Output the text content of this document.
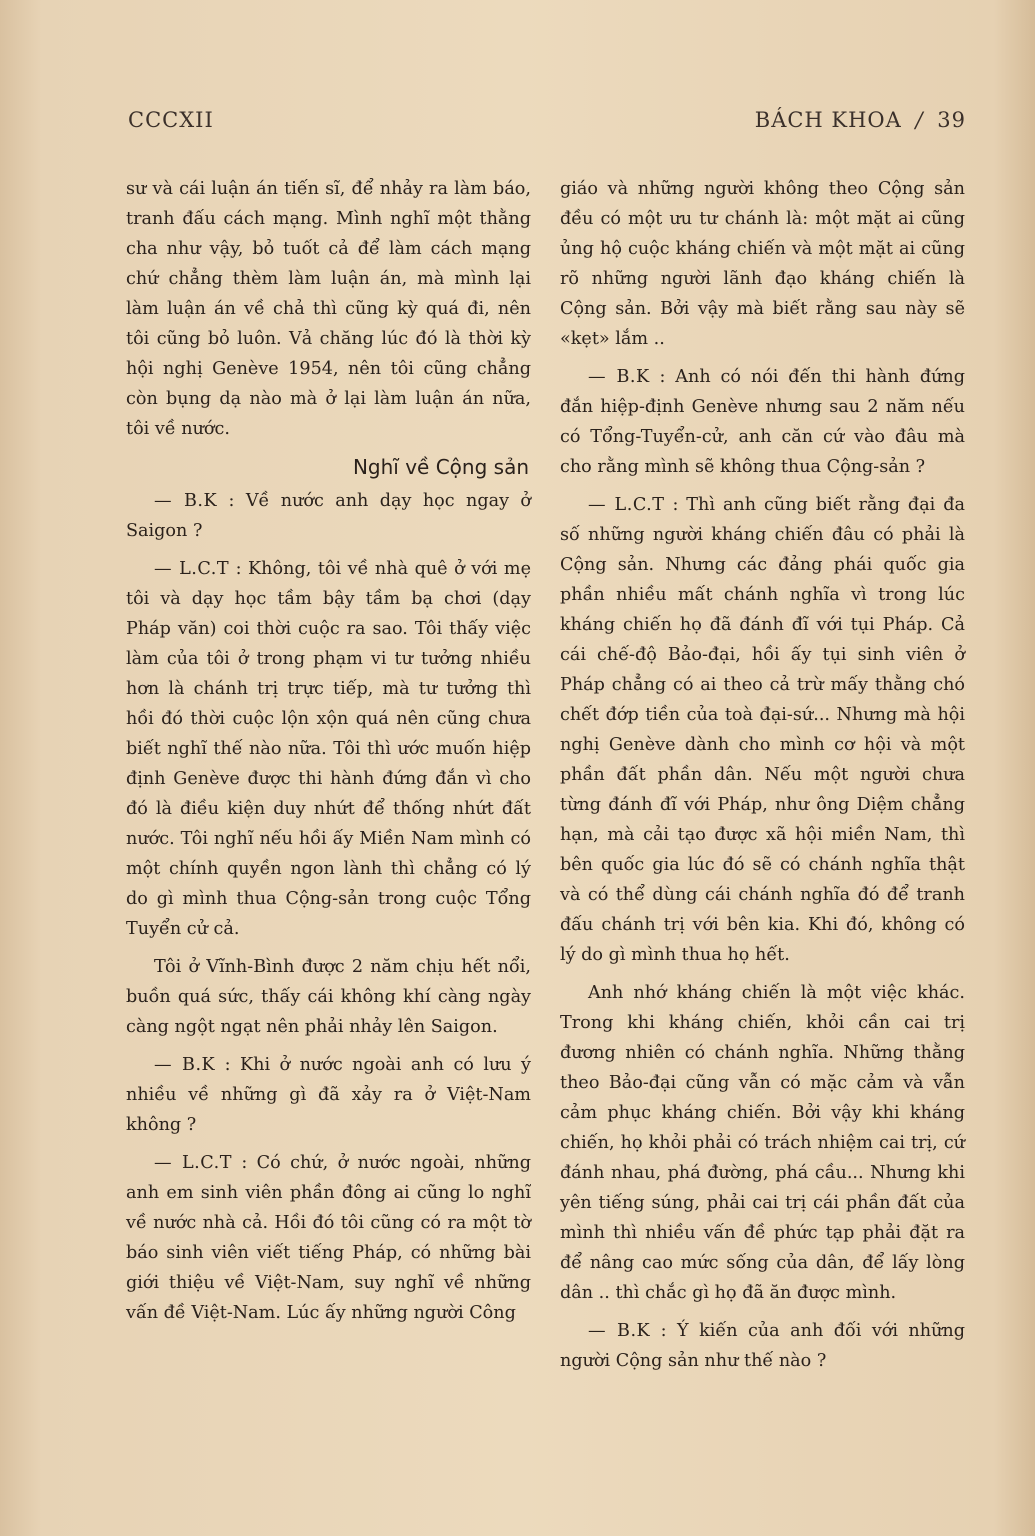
CCCXII	BÁCH KHOA / 39

sư và cái luận án tiến sĩ, để nhảy ra làm báo, tranh đấu cách mạng. Mình nghĩ một thằng cha như vậy, bỏ tuốt cả để làm cách mạng chứ chẳng thèm làm luận án, mà mình lại làm luận án về chả thì cũng kỳ quá đi, nên tôi cũng bỏ luôn. Vả chăng lúc đó là thời kỳ hội nghị Genève 1954, nên tôi cũng chẳng còn bụng dạ nào mà ở lại làm luận án nữa, tôi về nước.

Nghĩ về Cộng sản

— B.K : Về nước anh dạy học ngay ở Saigon ?

— L.C.T : Không, tôi về nhà quê ở với mẹ tôi và dạy học tầm bậy tầm bạ chơi (dạy Pháp văn) coi thời cuộc ra sao. Tôi thấy việc làm của tôi ở trong phạm vi tư tưởng nhiều hơn là chánh trị trực tiếp, mà tư tưởng thì hồi đó thời cuộc lộn xộn quá nên cũng chưa biết nghĩ thế nào nữa. Tôi thì ước muốn hiệp định Genève được thi hành đứng đắn vì cho đó là điều kiện duy nhứt để thống nhứt đất nước. Tôi nghĩ nếu hồi ấy Miền Nam mình có một chính quyền ngon lành thì chẳng có lý do gì mình thua Cộng-sản trong cuộc Tổng Tuyển cử cả.

Tôi ở Vĩnh-Bình được 2 năm chịu hết nổi, buồn quá sức, thấy cái không khí càng ngày càng ngột ngạt nên phải nhảy lên Saigon.

— B.K : Khi ở nước ngoài anh có lưu ý nhiều về những gì đã xảy ra ở Việt-Nam không ?

— L.C.T : Có chứ, ở nước ngoài, những anh em sinh viên phần đông ai cũng lo nghĩ về nước nhà cả. Hồi đó tôi cũng có ra một tờ báo sinh viên viết tiếng Pháp, có những bài giới thiệu về Việt-Nam, suy nghĩ về những vấn đề Việt-Nam. Lúc ấy những người Công

giáo và những người không theo Cộng sản đều có một ưu tư chánh là: một mặt ai cũng ủng hộ cuộc kháng chiến và một mặt ai cũng rõ những người lãnh đạo kháng chiến là Cộng sản. Bởi vậy mà biết rằng sau này sẽ «kẹt» lắm ..

— B.K : Anh có nói đến thi hành đứng đắn hiệp-định Genève nhưng sau 2 năm nếu có Tổng-Tuyển-cử, anh căn cứ vào đâu mà cho rằng mình sẽ không thua Cộng-sản ?

— L.C.T : Thì anh cũng biết rằng đại đa số những người kháng chiến đâu có phải là Cộng sản. Nhưng các đảng phái quốc gia phần nhiều mất chánh nghĩa vì trong lúc kháng chiến họ đã đánh đĩ với tụi Pháp. Cả cái chế-độ Bảo-đại, hồi ấy tụi sinh viên ở Pháp chẳng có ai theo cả trừ mấy thằng chó chết đớp tiền của toà đại-sứ... Nhưng mà hội nghị Genève dành cho mình cơ hội và một phần đất phần dân. Nếu một người chưa từng đánh đĩ với Pháp, như ông Diệm chẳng hạn, mà cải tạo được xã hội miền Nam, thì bên quốc gia lúc đó sẽ có chánh nghĩa thật và có thể dùng cái chánh nghĩa đó để tranh đấu chánh trị với bên kia. Khi đó, không có lý do gì mình thua họ hết.

Anh nhớ kháng chiến là một việc khác. Trong khi kháng chiến, khỏi cần cai trị đương nhiên có chánh nghĩa. Những thằng theo Bảo-đại cũng vẫn có mặc cảm và vẫn cảm phục kháng chiến. Bởi vậy khi kháng chiến, họ khỏi phải có trách nhiệm cai trị, cứ đánh nhau, phá đường, phá cầu... Nhưng khi yên tiếng súng, phải cai trị cái phần đất của mình thì nhiều vấn đề phức tạp phải đặt ra để nâng cao mức sống của dân, để lấy lòng dân .. thì chắc gì họ đã ăn được mình.

— B.K : Ý kiến của anh đối với những người Cộng sản như thế nào ?
